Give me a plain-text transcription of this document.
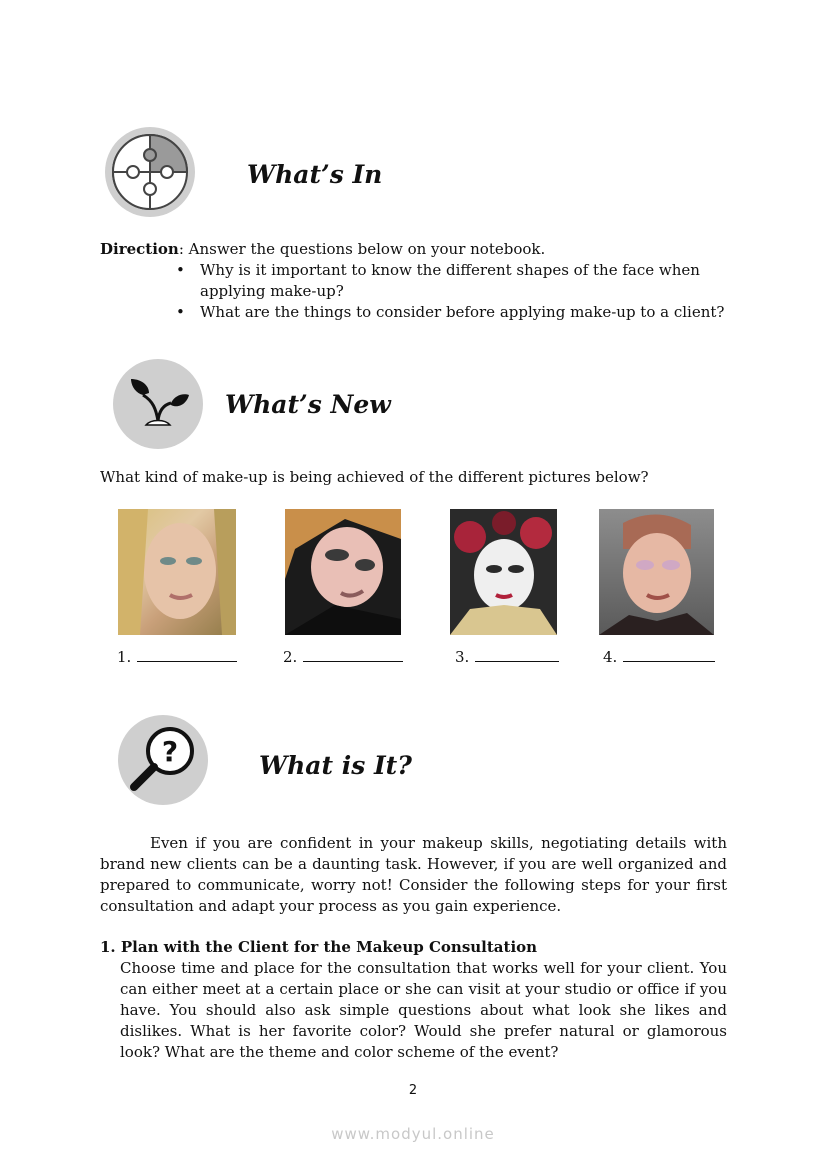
What’s In
Direction: Answer the questions below on your notebook.
• Why is it important to know the different shapes of the face when applying make-up?
• What are the things to consider before applying make-up to a client?
What’s New
What kind of make-up is being achieved of the different pictures below?
1.	2.	3.	4.
?	What is It?

Even if you are confident in your makeup skills, negotiating details with brand new clients can be a daunting task. However, if you are well organized and prepared to communicate, worry not! Consider the following steps for your first consultation and adapt your process as you gain experience.

1. Plan with the Client for the Makeup Consultation

Choose time and place for the consultation that works well for your client. You can either meet at a certain place or she can visit at your studio or office if you have. You should also ask simple questions about what look she likes and dislikes. What is her favorite color? Would she prefer natural or glamorous look? What are the theme and color scheme of the event?

2
www.modyul.online
